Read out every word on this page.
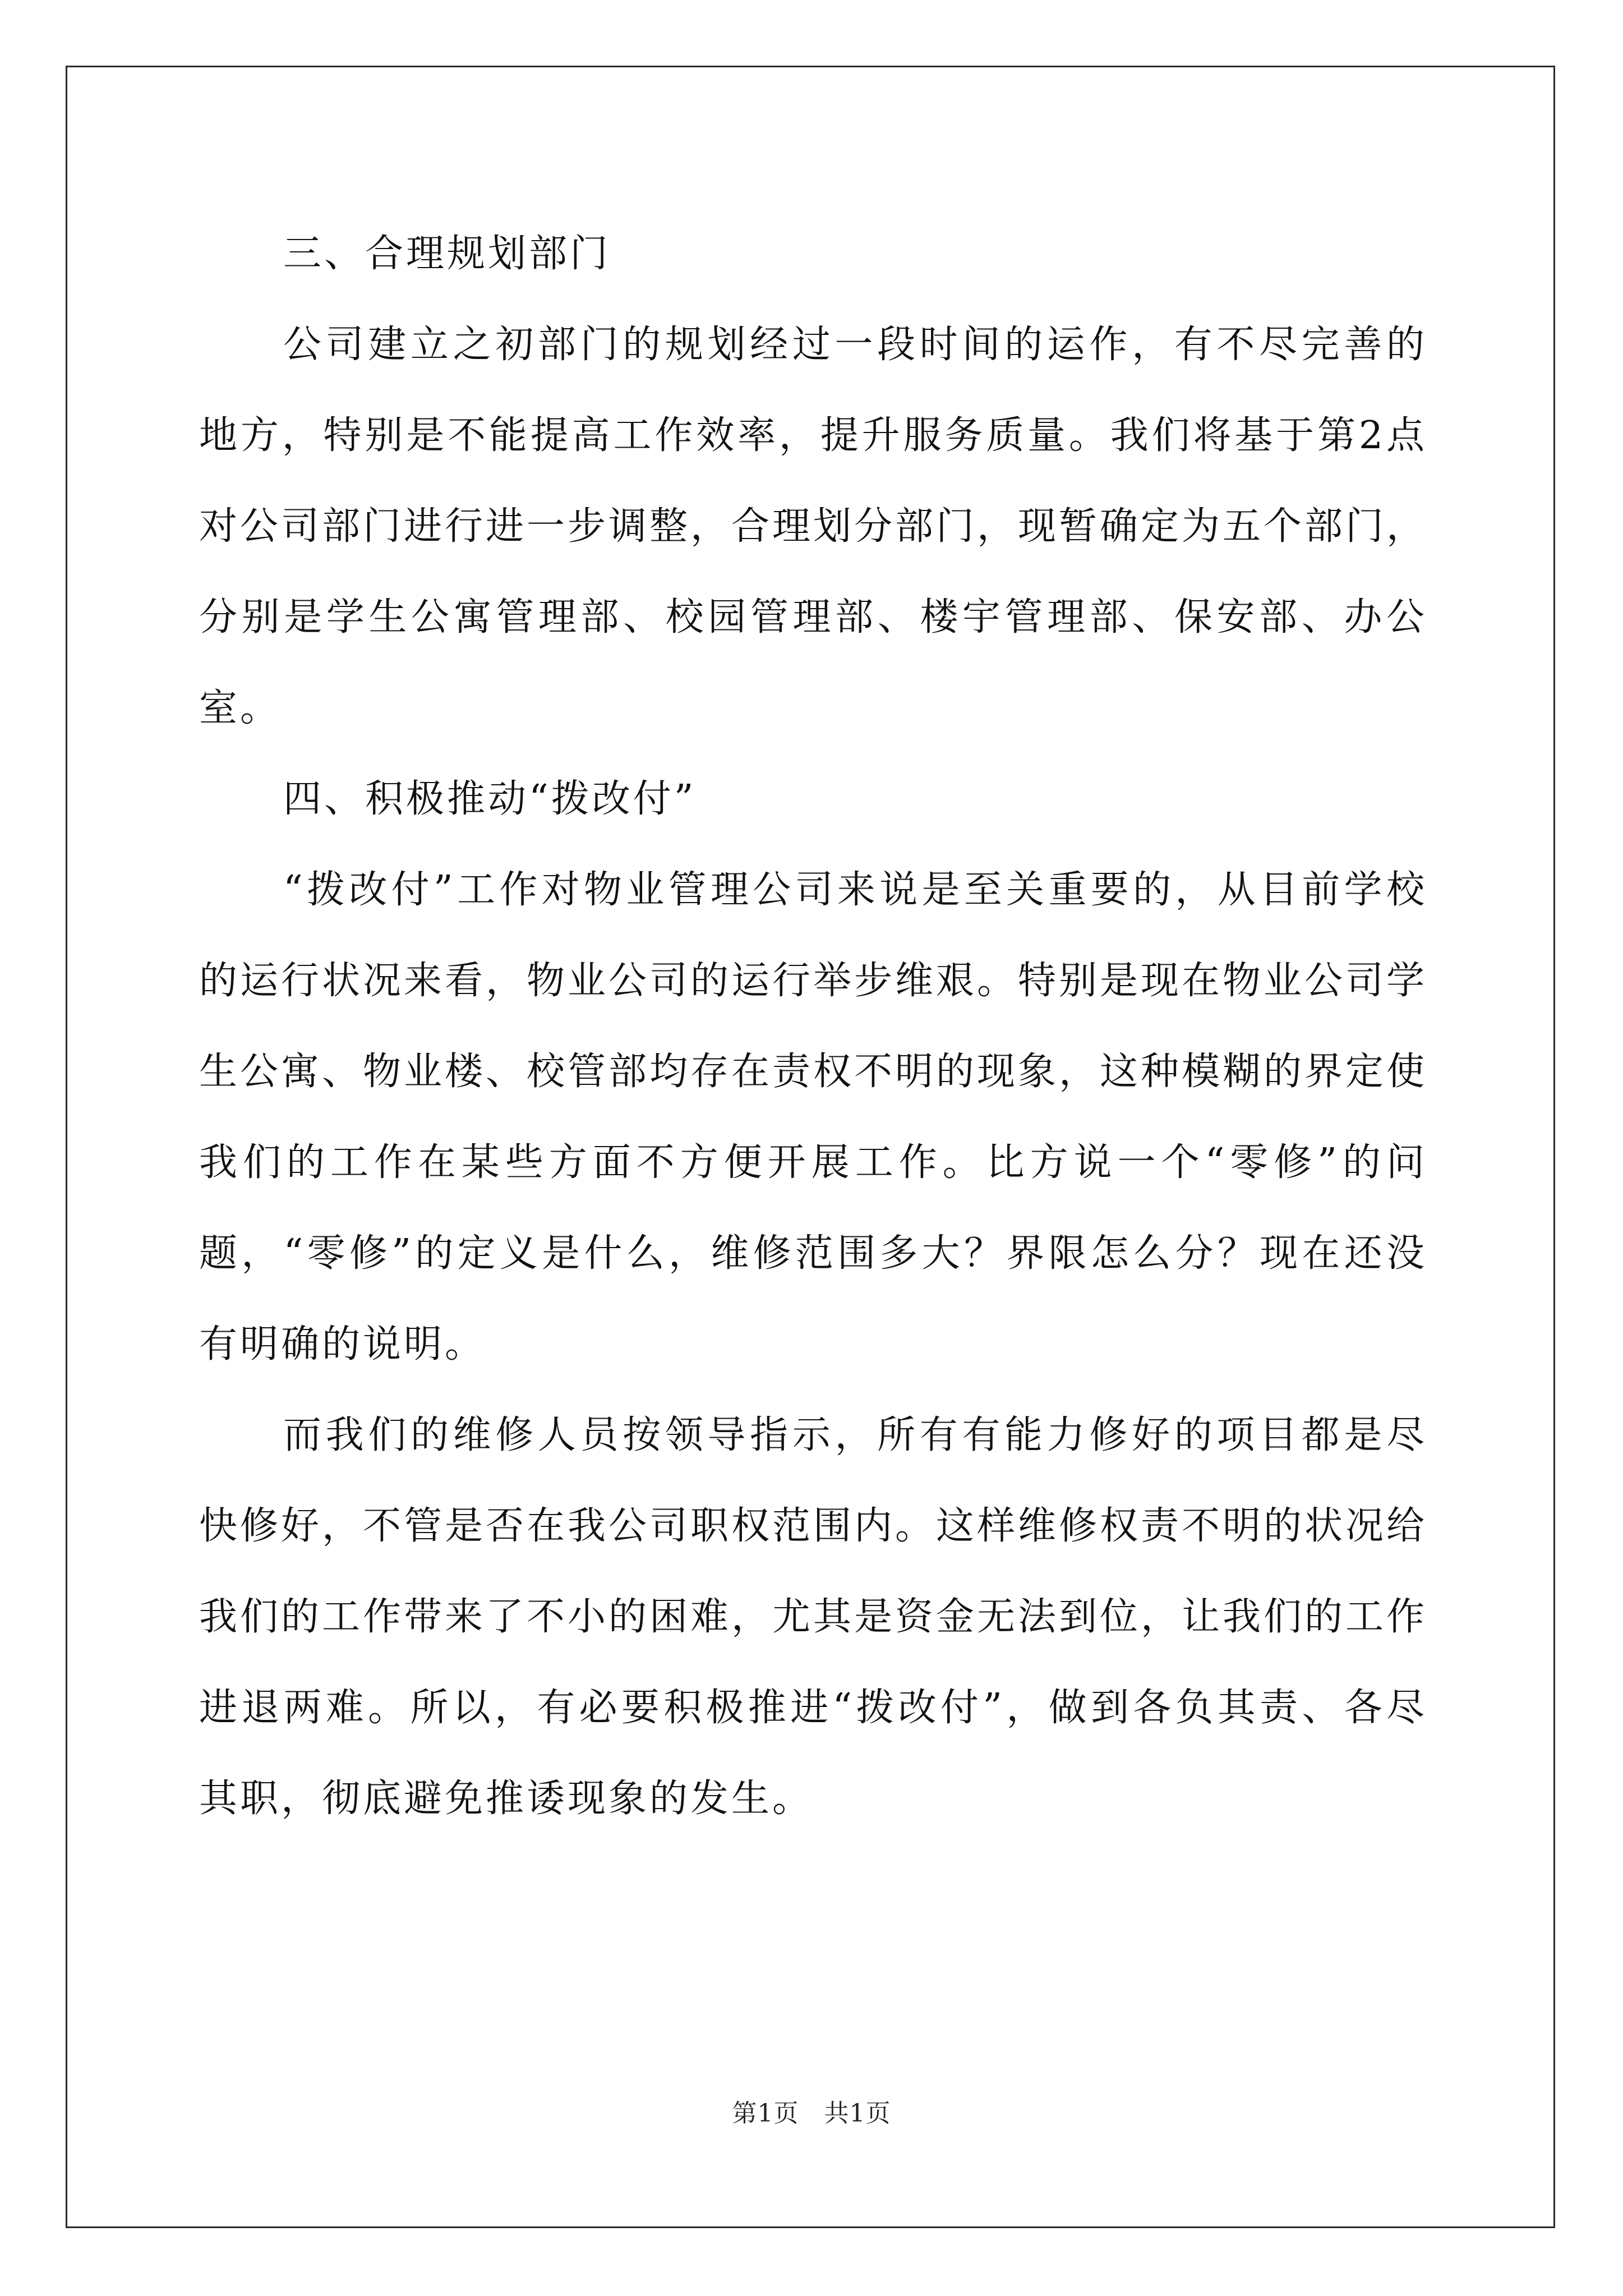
三、合理规划部门

公司建立之初部门的规划经过一段时间的运作，有不尽完善的地方，特别是不能提高工作效率，提升服务质量。我们将基于第2点对公司部门进行进一步调整，合理划分部门，现暂确定为五个部门，分别是学生公寓管理部、校园管理部、楼宇管理部、保安部、办公室。

四、积极推动“拨改付”

“拨改付”工作对物业管理公司来说是至关重要的，从目前学校的运行状况来看，物业公司的运行举步维艰。特别是现在物业公司学生公寓、物业楼、校管部均存在责权不明的现象，这种模糊的界定使我们的工作在某些方面不方便开展工作。比方说一个“零修”的问题，“零修”的定义是什么，维修范围多大？界限怎么分？现在还没有明确的说明。

而我们的维修人员按领导指示，所有有能力修好的项目都是尽快修好，不管是否在我公司职权范围内。这样维修权责不明的状况给我们的工作带来了不小的困难，尤其是资金无法到位，让我们的工作进退两难。所以，有必要积极推进“拨改付”，做到各负其责、各尽其职，彻底避免推诿现象的发生。

第1页　共1页
